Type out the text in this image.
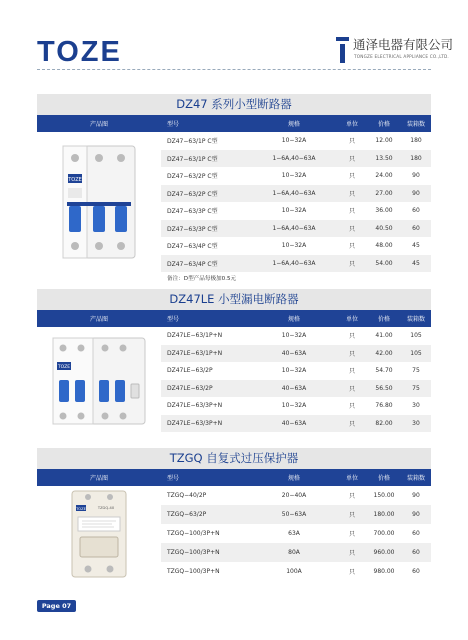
TOZE	通泽电器有限公司
TONGZE ELECTRICAL APPLIANCE CO.,LTD.
DZ47 系列小型断路器
产品图	型号	规格	单位	价格	装箱数
TOZE
DZ47−63/1P C型	10−32A	只	12.00	180
DZ47−63/1P C型	1−6A,40−63A	只	13.50	180
DZ47−63/2P C型	10−32A	只	24.00	90
DZ47−63/2P C型	1−6A,40−63A	只	27.00	90
DZ47−63/3P C型	10−32A	只	36.00	60
DZ47−63/3P C型	1−6A,40−63A	只	40.50	60
DZ47−63/4P C型	10−32A	只	48.00	45
DZ47−63/4P C型	1−6A,40−63A	只	54.00	45
备注：D型产品每极加0.5元
DZ47LE 小型漏电断路器
产品图	型号	规格	单位	价格	装箱数
TOZE
DZ47LE−63/1P+N	10−32A	只	41.00	105
DZ47LE−63/1P+N	40−63A	只	42.00	105
DZ47LE−63/2P	10−32A	只	54.70	75
DZ47LE−63/2P	40−63A	只	56.50	75
DZ47LE−63/3P+N	10−32A	只	76.80	30
DZ47LE−63/3P+N	40−63A	只	82.00	30
TZGQ 自复式过压保护器
产品图	型号	规格	单位	价格	装箱数
TOZE	TZGQ-40
TZGQ−40/2P	20−40A	只	150.00	90
TZGQ−63/2P	50−63A	只	180.00	90
TZGQ−100/3P+N	63A	只	700.00	60
TZGQ−100/3P+N	80A	只	960.00	60
TZGQ−100/3P+N	100A	只	980.00	60
Page 07
